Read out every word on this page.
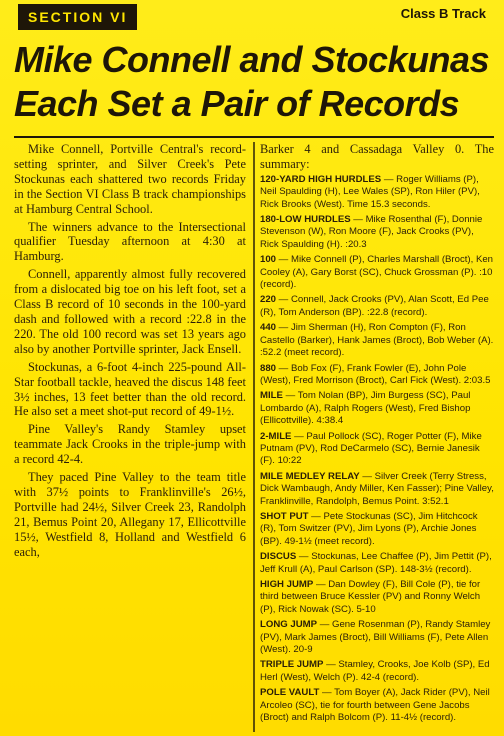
SECTION VI	Class B Track
Mike Connell and Stockunas Each Set a Pair of Records

Mike Connell, Portville Central's record-setting sprinter, and Silver Creek's Pete Stockunas each shattered two records Friday in the Section VI Class B track championships at Hamburg Central School.

The winners advance to the Intersectional qualifier Tuesday afternoon at 4:30 at Hamburg.

Connell, apparently almost fully recovered from a dislocated big toe on his left foot, set a Class B record of 10 seconds in the 100-yard dash and followed with a record :22.8 in the 220. The old 100 record was set 13 years ago also by another Portville sprinter, Jack Ensell.

Stockunas, a 6-foot 4-inch 225-pound All-Star football tackle, heaved the discus 148 feet 3½ inches, 13 feet better than the old record. He also set a meet shot-put record of 49-1½.

Pine Valley's Randy Stamley upset teammate Jack Crooks in the triple-jump with a record 42-4.

They paced Pine Valley to the team title with 37½ points to Franklinville's 26½, Portville had 24½, Silver Creek 23, Randolph 21, Bemus Point 20, Allegany 17, Ellicottville 15½, Westfield 8, Holland and Westfield 6 each,

Barker 4 and Cassadaga Valley 0. The summary:

120-YARD HIGH HURDLES — Roger Williams (P), Neil Spaulding (H), Lee Wales (SP), Ron Hiler (PV), Rick Brooks (West). Time 15.3 seconds.

180-LOW HURDLES — Mike Rosenthal (F), Donnie Stevenson (W), Ron Moore (F), Jack Crooks (PV), Rick Spaulding (H). :20.3

100 — Mike Connell (P), Charles Marshall (Broct), Ken Cooley (A), Gary Borst (SC), Chuck Grossman (P). :10 (record).

220 — Connell, Jack Crooks (PV), Alan Scott, Ed Pee (R), Tom Anderson (BP). :22.8 (record).

440 — Jim Sherman (H), Ron Compton (F), Ron Castello (Barker), Hank James (Broct), Bob Weber (A). :52.2 (meet record).

880 — Bob Fox (F), Frank Fowler (E), John Pole (West), Fred Morrison (Broct), Carl Fick (West). 2:03.5

MILE — Tom Nolan (BP), Jim Burgess (SC), Paul Lombardo (A), Ralph Rogers (West), Fred Bishop (Ellicottville). 4:38.4

2-MILE — Paul Pollock (SC), Roger Potter (F), Mike Putnam (PV), Rod DeCarmelo (SC), Bernie Janesik (F). 10:22

MILE MEDLEY RELAY — Silver Creek (Terry Stress, Dick Wambaugh, Andy Miller, Ken Fasser); Pine Valley, Franklinville, Randolph, Bemus Point. 3:52.1

SHOT PUT — Pete Stockunas (SC), Jim Hitchcock (R), Tom Switzer (PV), Jim Lyons (P), Archie Jones (BP). 49-1½ (meet record).

DISCUS — Stockunas, Lee Chaffee (P), Jim Pettit (P), Jeff Krull (A), Paul Carlson (SP). 148-3½ (record).

HIGH JUMP — Dan Dowley (F), Bill Cole (P), tie for third between Bruce Kessler (PV) and Ronny Welch (P), Rick Nowak (SC). 5-10

LONG JUMP — Gene Rosenman (P), Randy Stamley (PV), Mark James (Broct), Bill Williams (F), Pete Allen (West). 20-9

TRIPLE JUMP — Stamley, Crooks, Joe Kolb (SP), Ed Herl (West), Welch (P). 42-4 (record).

POLE VAULT — Tom Boyer (A), Jack Rider (PV), Neil Arcoleo (SC), tie for fourth between Gene Jacobs (Broct) and Ralph Bolcom (P). 11-4½ (record).
